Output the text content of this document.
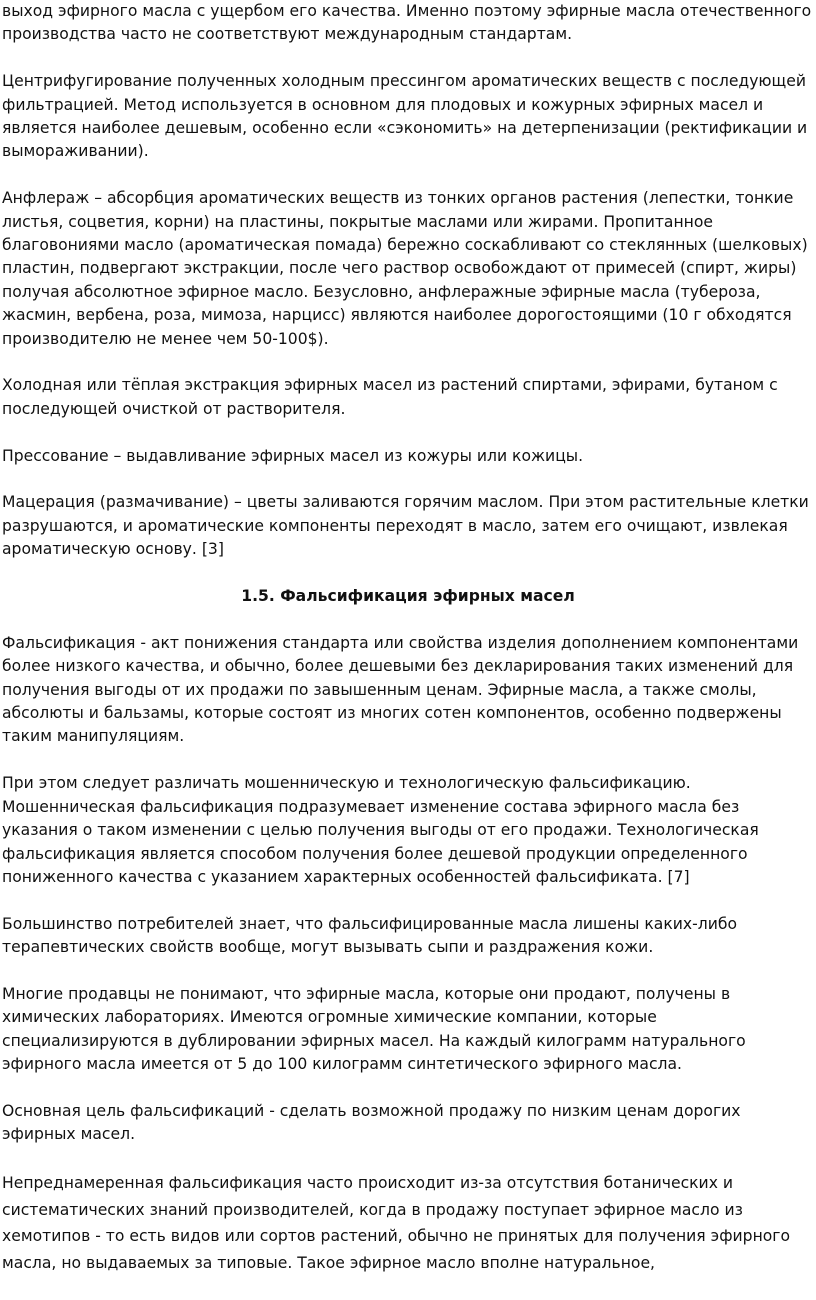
выход эфирного масла с ущербом его качества. Именно поэтому эфирные масла отечественного производства часто не соответствуют международным стандартам.

Центрифугирование полученных холодным прессингом ароматических веществ с последующей фильтрацией. Метод используется в основном для плодовых и кожурных эфирных масел и является наиболее дешевым, особенно если «сэкономить» на детерпенизации (ректификации и вымораживании).

Анфлераж – абсорбция ароматических веществ из тонких органов растения (лепестки, тонкие листья, соцветия, корни) на пластины, покрытые маслами или жирами. Пропитанное благовониями масло (ароматическая помада) бережно соскабливают со стеклянных (шелковых) пластин, подвергают экстракции, после чего раствор освобождают от примесей (спирт, жиры) получая абсолютное эфирное масло. Безусловно, анфлеражные эфирные масла (тубероза, жасмин, вербена, роза, мимоза, нарцисс) являются наиболее дорогостоящими (10 г обходятся производителю не менее чем 50-100$).

Холодная или тёплая экстракция эфирных масел из растений спиртами, эфирами, бутаном с последующей очисткой от растворителя.

Прессование – выдавливание эфирных масел из кожуры или кожицы.

Мацерация (размачивание) – цветы заливаются горячим маслом. При этом растительные клетки разрушаются, и ароматические компоненты переходят в масло, затем его очищают, извлекая ароматическую основу. [3]

1.5. Фальсификация эфирных масел

Фальсификация - акт понижения стандарта или свойства изделия дополнением компонентами более низкого качества, и обычно, более дешевыми без декларирования таких изменений для получения выгоды от их продажи по завышенным ценам. Эфирные масла, а также смолы, абсолюты и бальзамы, которые состоят из многих сотен компонентов, особенно подвержены таким манипуляциям.

При этом следует различать мошенническую и технологическую фальсификацию. Мошенническая фальсификация подразумевает изменение состава эфирного масла без указания о таком изменении с целью получения выгоды от его продажи. Технологическая фальсификация является способом получения более дешевой продукции определенного пониженного качества с указанием характерных особенностей фальсификата. [7]

Большинство потребителей знает, что фальсифицированные масла лишены каких-либо терапевтических свойств вообще, могут вызывать сыпи и раздражения кожи.

Многие продавцы не понимают, что эфирные масла, которые они продают, получены в химических лабораториях. Имеются огромные химические компании, которые специализируются в дублировании эфирных масел. На каждый килограмм натурального эфирного масла имеется от 5 до 100 килограмм синтетического эфирного масла.

Основная цель фальсификаций - сделать возможной продажу по низким ценам дорогих эфирных масел.

Непреднамеренная фальсификация часто происходит из-за отсутствия ботанических и систематических знаний производителей, когда в продажу поступает эфирное масло из хемотипов - то есть видов или сортов растений, обычно не принятых для получения эфирного масла, но выдаваемых за типовые. Такое эфирное масло вполне натуральное,
